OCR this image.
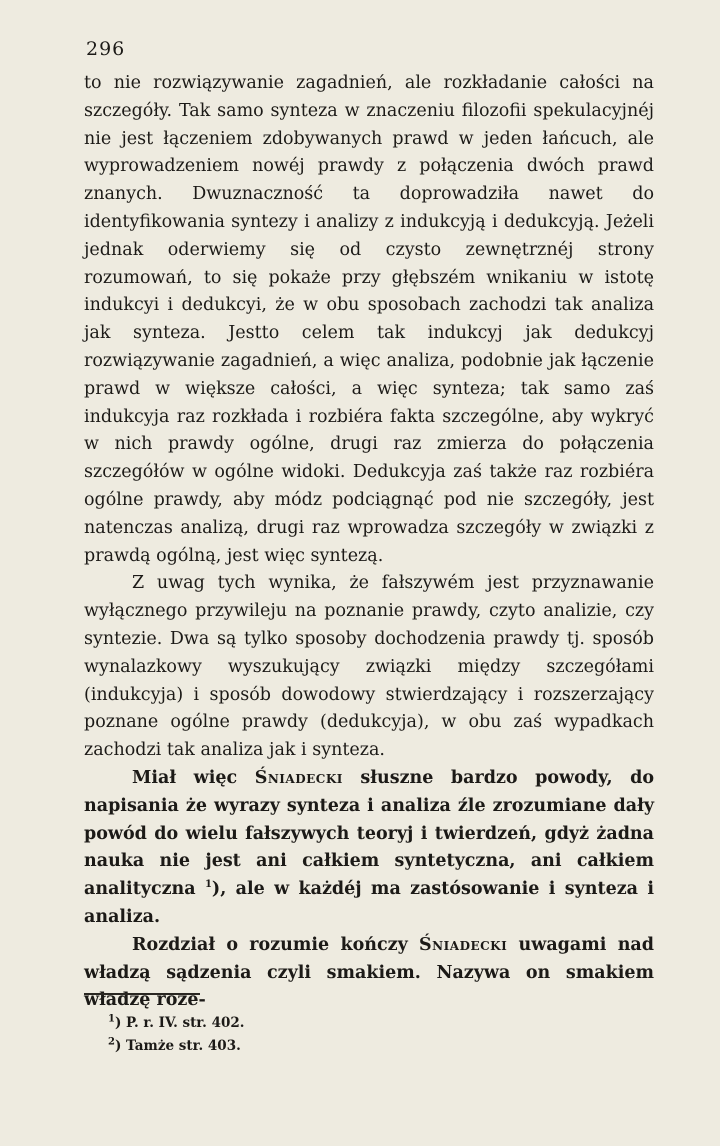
296

to nie rozwiązywanie zagadnień, ale rozkładanie całości na szczegóły. Tak samo synteza w znaczeniu filozofii spekulacyjnéj nie jest łączeniem zdobywanych prawd w jeden łańcuch, ale wyprowadzeniem nowéj prawdy z połączenia dwóch prawd znanych. Dwuznaczność ta doprowadziła nawet do identyfikowania syntezy i analizy z indukcyją i dedukcyją. Jeżeli jednak oderwiemy się od czysto zewnętrznéj strony rozumowań, to się pokaże przy głębszém wnikaniu w istotę indukcyi i dedukcyi, że w obu sposobach zachodzi tak analiza jak synteza. Jestto celem tak indukcyj jak dedukcyj rozwiązywanie zagadnień, a więc analiza, podobnie jak łączenie prawd w większe całości, a więc synteza; tak samo zaś indukcyja raz rozkłada i rozbiéra fakta szczególne, aby wykryć w nich prawdy ogólne, drugi raz zmierza do połączenia szczegółów w ogólne widoki. Dedukcyja zaś także raz rozbiéra ogólne prawdy, aby módz podciągnąć pod nie szczegóły, jest natenczas analizą, drugi raz wprowadza szczegóły w związki z prawdą ogólną, jest więc syntezą.

Z uwag tych wynika, że fałszywém jest przyznawanie wyłącznego przywileju na poznanie prawdy, czyto analizie, czy syntezie. Dwa są tylko sposoby dochodzenia prawdy tj. sposób wynalazkowy wyszukujący związki między szczegółami (indukcyja) i sposób dowodowy stwierdzający i rozszerzający poznane ogólne prawdy (dedukcyja), w obu zaś wypadkach zachodzi tak analiza jak i synteza.

Miał więc Śniadecki słuszne bardzo powody, do napisania że wyrazy synteza i analiza źle zrozumiane dały powód do wielu fałszywych teoryj i twierdzeń, gdyż żadna nauka nie jest ani całkiem syntetyczna, ani całkiem analityczna $^1$), ale w każdéj ma zastósowanie i synteza i analiza.

Rozdział o rozumie kończy Śniadecki uwagami nad władzą sądzenia czyli smakiem. Nazywa on smakiem władzę roze-

$^1$) P. r. IV. str. 402.
$^2$) Tamże str. 403.
